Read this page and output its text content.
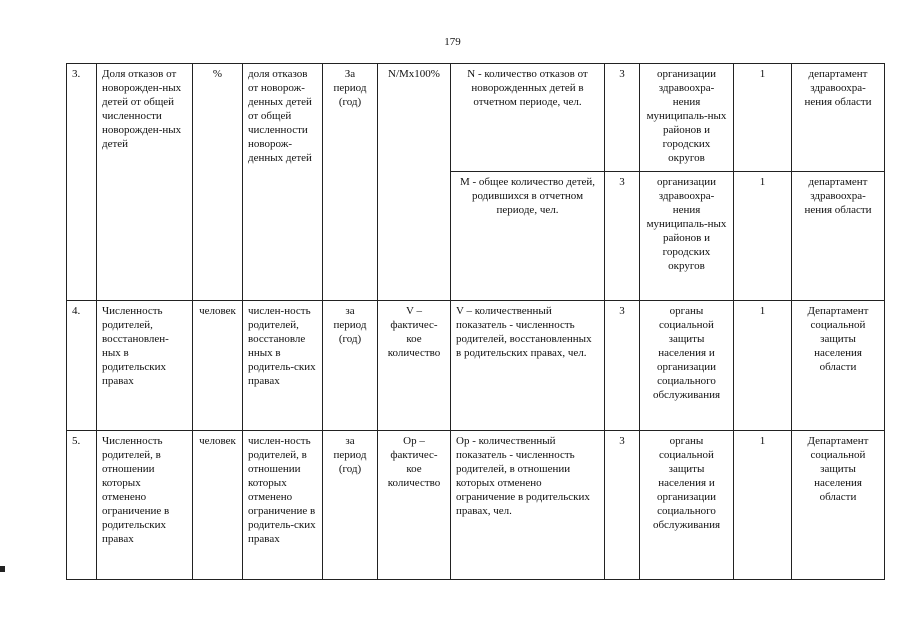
179
3.	Доля отказов от новорожден-ных детей от общей численности новорожден-ных детей	%	доля отказов от новорож-денных детей от общей численности новорож-денных детей	За период (год)	N/Mx100%	N - количество отказов от новорожденных детей в отчетном периоде, чел.	3	организации здравоохра-нения муниципаль-ных районов и городских округов	1	департамент здравоохра-нения области
						М - общее количество детей, родившихся в отчетном периоде, чел.	3	организации здравоохра-нения муниципаль-ных районов и городских округов	1	департамент здравоохра-нения области
4.	Численность родителей, восстановлен-ных в родительских правах	человек	числен-ность родителей, восстановле нных в родитель-ских правах	за период (год)	V – фактичес-кое количество	V – количественный показатель - численность родителей, восстановленных в родительских правах, чел.	3	органы социальной защиты населения и организации социального обслуживания	1	Департамент социальной защиты населения области
5.	Численность родителей, в отношении которых отменено ограничение в родительских правах	человек	числен-ность родителей, в отношении которых отменено ограничение в родитель-ских правах	за период (год)	Ор – фактичес-кое количество	Ор - количественный показатель - численность родителей, в отношении которых отменено ограничение в родительских правах, чел.	3	органы социальной защиты населения и организации социального обслуживания	1	Департамент социальной защиты населения области
